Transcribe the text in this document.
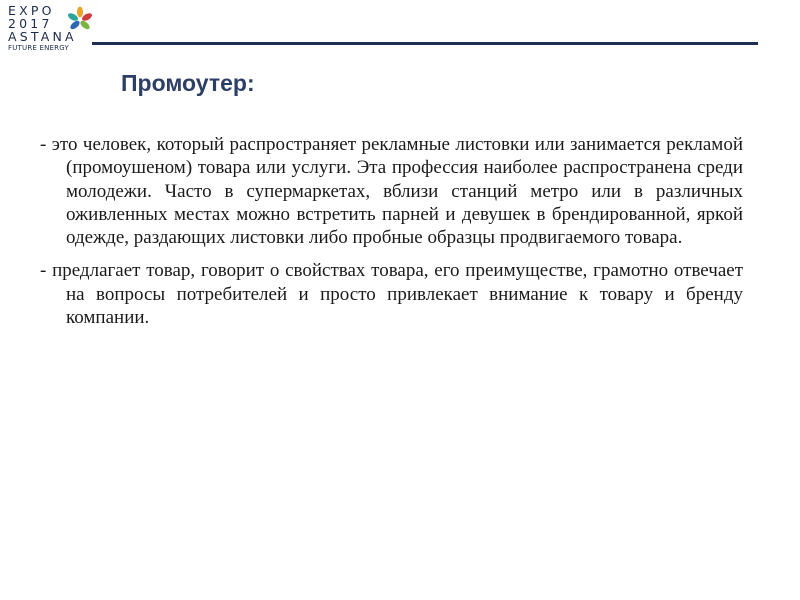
EXPO
2017
ASTANA
FUTURE ENERGY
Промоутер:

- это человек, который распространяет рекламные листовки или занимается рекламой (промоушеном) товара или услуги. Эта профессия наиболее распространена среди молодежи. Часто в супермаркетах, вблизи станций метро или в различных оживленных местах можно встретить парней и девушек в брендированной, яркой одежде, раздающих листовки либо пробные образцы продвигаемого товара.

- предлагает товар, говорит о свойствах товара, его преимуществе, грамотно отвечает на вопросы потребителей и просто привлекает внимание к товару и бренду компании.
